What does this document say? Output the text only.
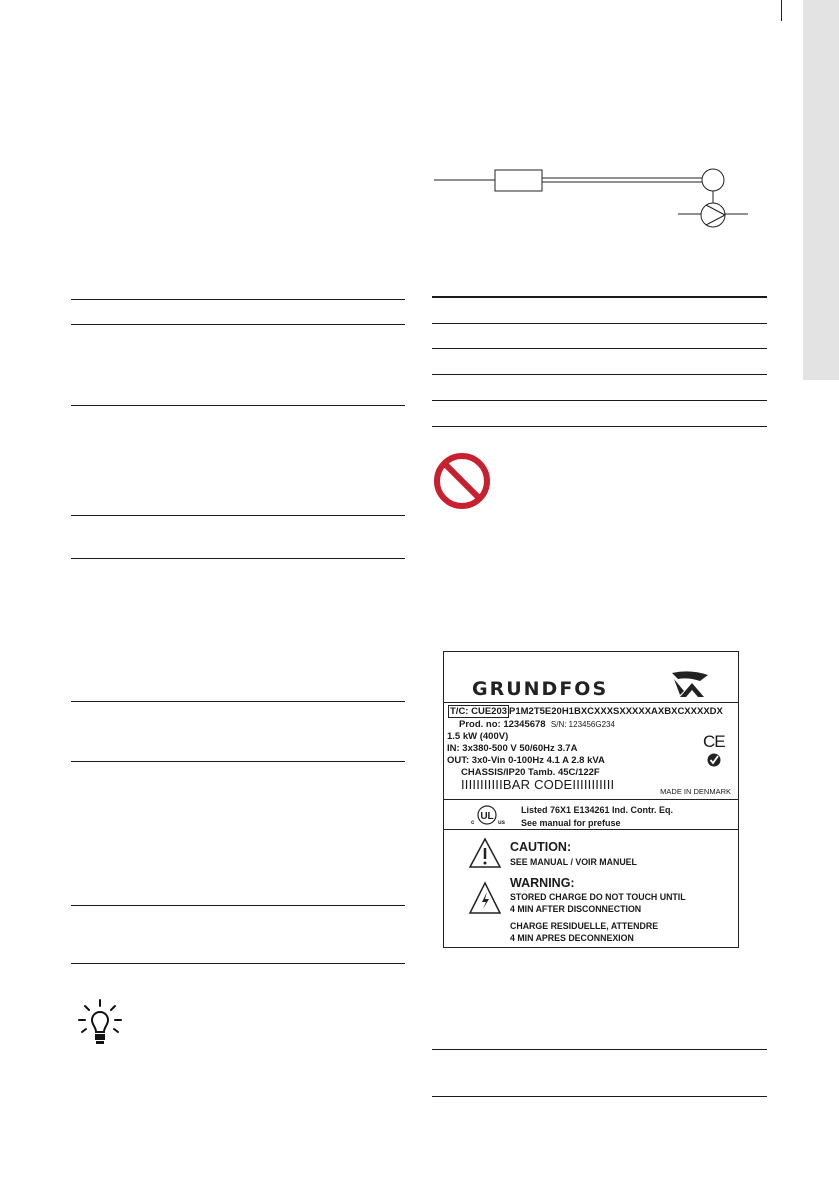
GRUNDFOS
T/C: CUE203 P1M2T5E20H1BXCXXXSXXXXXAXBXCXXXXDX
Prod. no: 12345678 S/N: 123456G234
1.5 kW (400V)
IN: 3x380-500 V 50/60Hz 3.7A
OUT: 3x0-Vin 0-100Hz 4.1 A 2.8 kVA
CHASSIS/IP20 Tamb. 45C/122F
IIIIIIIIIIIBAR CODEIIIIIIIIIII	MADE IN DENMARK
CE
UL
c	us
Listed 76X1 E134261 Ind. Contr. Eq.
See manual for prefuse
CAUTION:
SEE MANUAL / VOIR MANUEL
WARNING:
STORED CHARGE DO NOT TOUCH UNTIL
4 MIN AFTER DISCONNECTION
CHARGE RESIDUELLE, ATTENDRE
4 MIN APRES DECONNEXION
